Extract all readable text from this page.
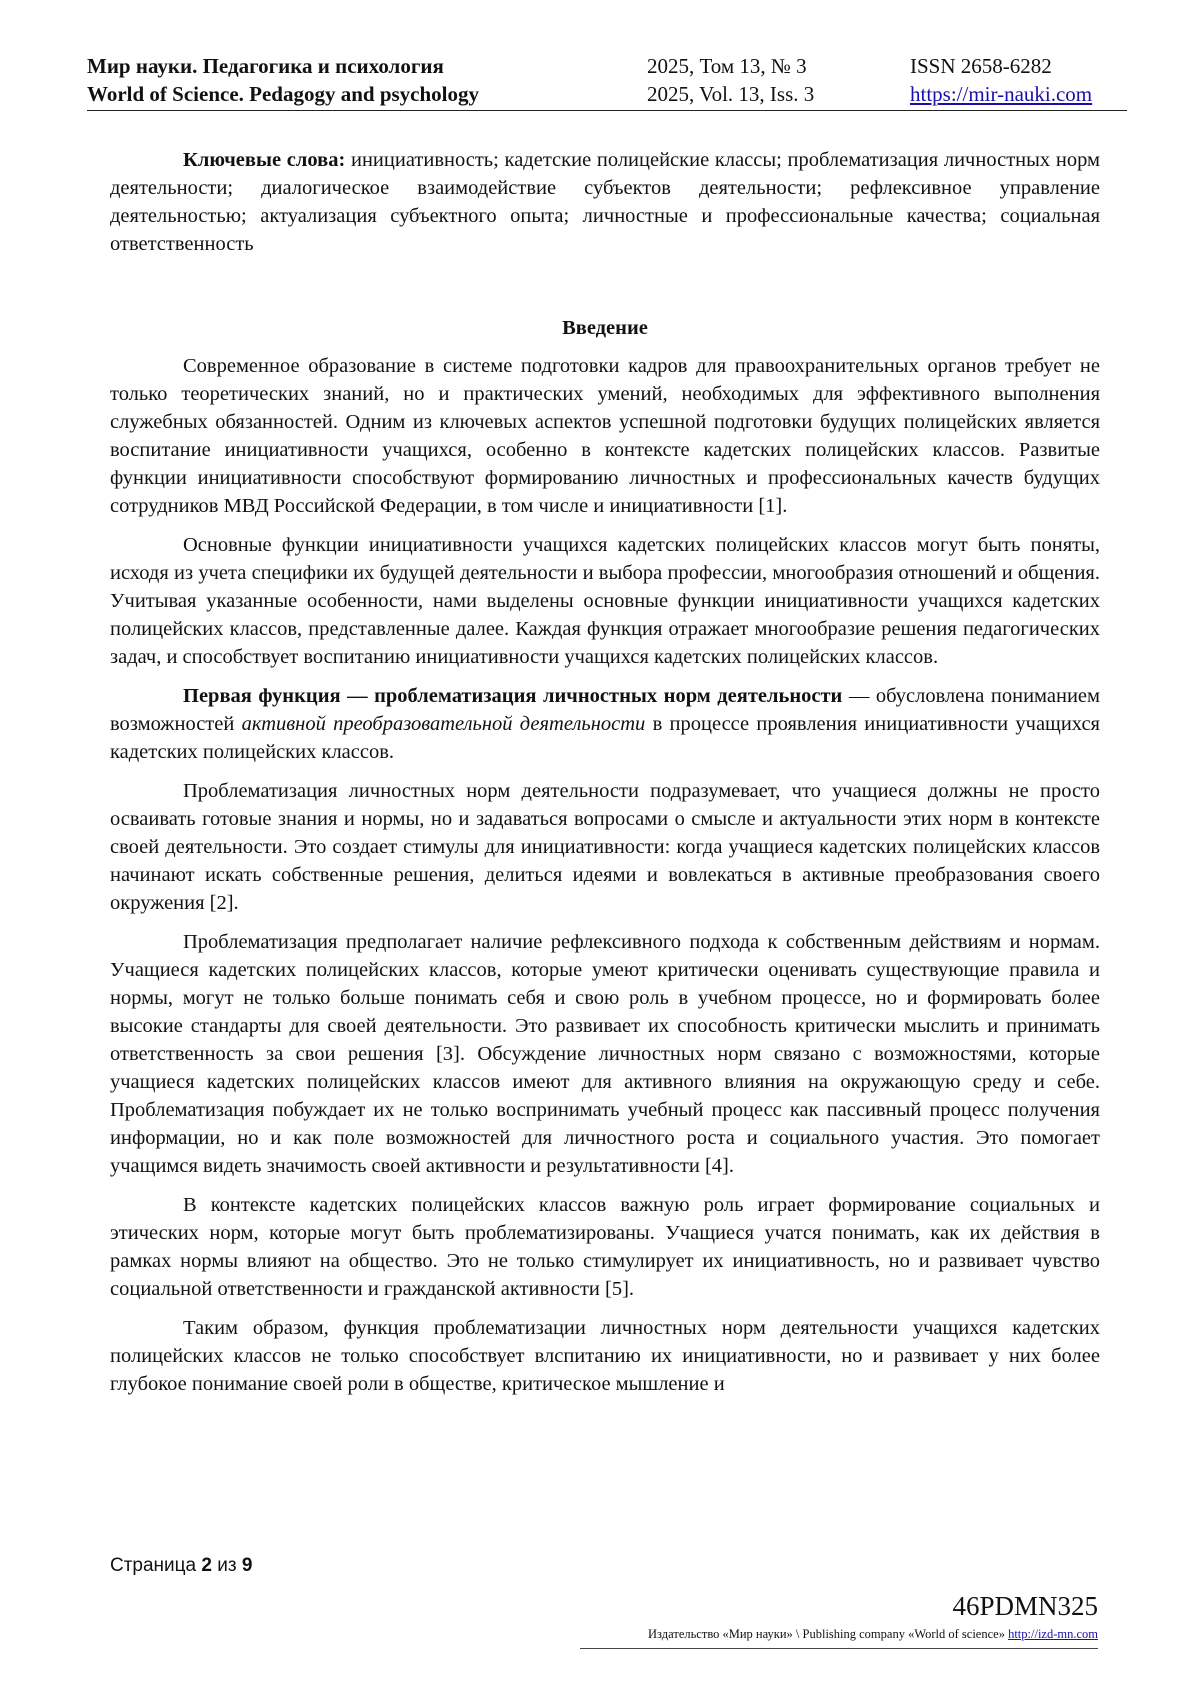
Мир науки. Педагогика и психология
World of Science. Pedagogy and psychology
2025, Том 13, № 3
2025, Vol. 13, Iss. 3
ISSN 2658-6282
https://mir-nauki.com

Ключевые слова: инициативность; кадетские полицейские классы; проблематизация личностных норм деятельности; диалогическое взаимодействие субъектов деятельности; рефлексивное управление деятельностью; актуализация субъектного опыта; личностные и профессиональные качества; социальная ответственность

Введение

Современное образование в системе подготовки кадров для правоохранительных органов требует не только теоретических знаний, но и практических умений, необходимых для эффективного выполнения служебных обязанностей. Одним из ключевых аспектов успешной подготовки будущих полицейских является воспитание инициативности учащихся, особенно в контексте кадетских полицейских классов. Развитые функции инициативности способствуют формированию личностных и профессиональных качеств будущих сотрудников МВД Российской Федерации, в том числе и инициативности [1].

Основные функции инициативности учащихся кадетских полицейских классов могут быть поняты, исходя из учета специфики их будущей деятельности и выбора профессии, многообразия отношений и общения. Учитывая указанные особенности, нами выделены основные функции инициативности учащихся кадетских полицейских классов, представленные далее. Каждая функция отражает многообразие решения педагогических задач, и способствует воспитанию инициативности учащихся кадетских полицейских классов.

Первая функция — проблематизация личностных норм деятельности — обусловлена пониманием возможностей активной преобразовательной деятельности в процессе проявления инициативности учащихся кадетских полицейских классов.

Проблематизация личностных норм деятельности подразумевает, что учащиеся должны не просто осваивать готовые знания и нормы, но и задаваться вопросами о смысле и актуальности этих норм в контексте своей деятельности. Это создает стимулы для инициативности: когда учащиеся кадетских полицейских классов начинают искать собственные решения, делиться идеями и вовлекаться в активные преобразования своего окружения [2].

Проблематизация предполагает наличие рефлексивного подхода к собственным действиям и нормам. Учащиеся кадетских полицейских классов, которые умеют критически оценивать существующие правила и нормы, могут не только больше понимать себя и свою роль в учебном процессе, но и формировать более высокие стандарты для своей деятельности. Это развивает их способность критически мыслить и принимать ответственность за свои решения [3]. Обсуждение личностных норм связано с возможностями, которые учащиеся кадетских полицейских классов имеют для активного влияния на окружающую среду и себе. Проблематизация побуждает их не только воспринимать учебный процесс как пассивный процесс получения информации, но и как поле возможностей для личностного роста и социального участия. Это помогает учащимся видеть значимость своей активности и результативности [4].

В контексте кадетских полицейских классов важную роль играет формирование социальных и этических норм, которые могут быть проблематизированы. Учащиеся учатся понимать, как их действия в рамках нормы влияют на общество. Это не только стимулирует их инициативность, но и развивает чувство социальной ответственности и гражданской активности [5].

Таким образом, функция проблематизации личностных норм деятельности учащихся кадетских полицейских классов не только способствует влспитанию их инициативности, но и развивает у них более глубокое понимание своей роли в обществе, критическое мышление и

Страница 2 из 9
46PDMN325
Издательство «Мир науки» \ Publishing company «World of science» http://izd-mn.com
